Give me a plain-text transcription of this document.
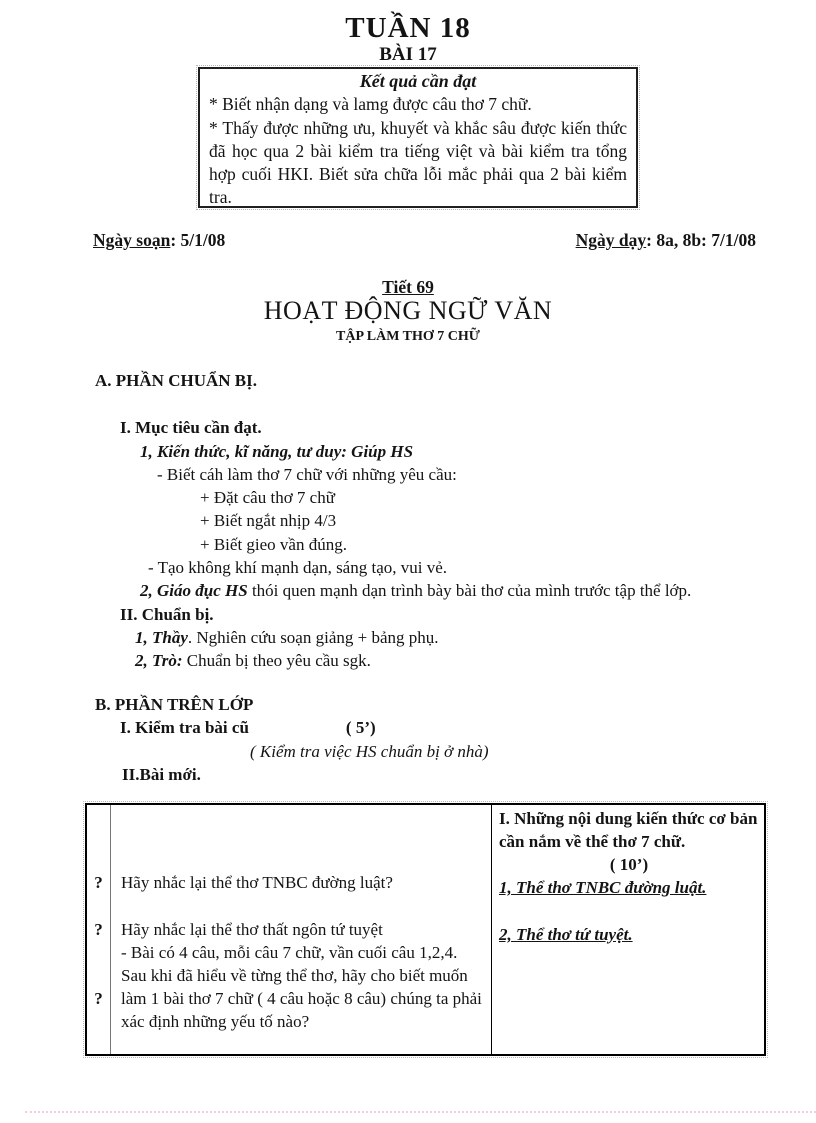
TUẦN 18
BÀI 17
Kết quả cần đạt
* Biết nhận dạng và lamg được câu thơ 7 chữ.
* Thấy được những ưu, khuyết và khắc sâu được kiến thức đã học qua 2 bài kiểm tra tiếng việt và bài kiểm tra tổng hợp cuối HKI. Biết sửa chữa lỗi mắc phải qua 2 bài kiểm tra.
Ngày soạn: 5/1/08	Ngày dạy: 8a, 8b: 7/1/08
Tiết 69
HOẠT ĐỘNG NGỮ VĂN
TẬP LÀM THƠ 7 CHỮ
A. PHẦN CHUẨN BỊ.
I. Mục tiêu cần đạt.
1, Kiến thức, kĩ năng, tư duy: Giúp HS
- Biết cáh làm thơ 7 chữ với những yêu cầu:
+ Đặt câu thơ 7 chữ
+ Biết ngắt nhịp 4/3
+ Biết gieo vần đúng.
- Tạo không khí mạnh dạn, sáng tạo, vui vẻ.
2, Giáo đục HS thói quen mạnh dạn trình bày bài thơ của mình trước tập thể lớp.
II. Chuẩn bị.
1, Thầy. Nghiên cứu soạn giảng + bảng phụ.
2, Trò: Chuẩn bị theo yêu cầu sgk.
B. PHẦN TRÊN LỚP
I. Kiểm tra bài cũ	( 5’)
( Kiểm tra việc HS chuẩn bị ở nhà)
II.Bài mới.
?
?
?
Hãy nhắc lại thể thơ TNBC đường luật?
Hãy nhắc lại thể thơ thất ngôn tứ tuyệt
- Bài có 4 câu, mỗi câu 7 chữ, vần cuối câu 1,2,4.
Sau khi đã hiểu về từng thể thơ, hãy cho biết muốn làm 1 bài thơ 7 chữ ( 4 câu hoặc 8 câu) chúng ta phải xác định những yếu tố nào?
I. Những nội dung kiến thức cơ bản cần nắm về thể thơ 7 chữ.
( 10’)
1, Thể thơ TNBC đường luật.
2, Thể thơ tứ tuyệt.
